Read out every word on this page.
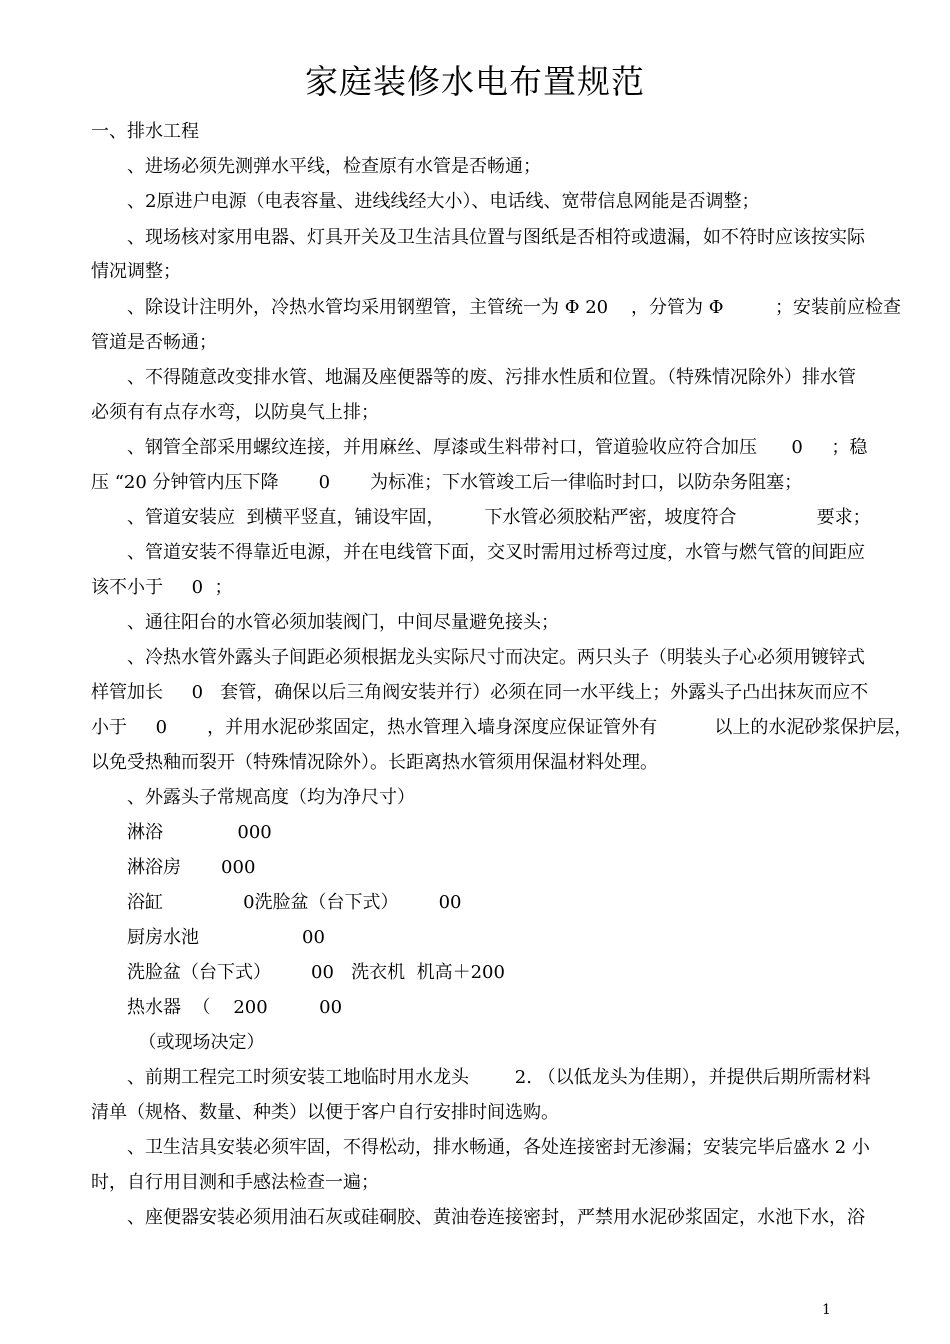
家庭装修水电布置规范
一、排水工程
、进场必须先测弹水平线，检查原有水管是否畅通；
、2原进户电源（电表容量、进线线经大小）、电话线、宽带信息网能是否调整；
、现场核对家用电器、灯具开关及卫生洁具位置与图纸是否相符或遗漏，如不符时应该按实际
情况调整；
、除设计注明外，冷热水管均采用钢塑管，主管统一为 Φ 20    ，分管为 Φ         ；安装前应检查
管道是否畅通；
、不得随意改变排水管、地漏及座便器等的废、污排水性质和位置。（特殊情况除外）排水管
必须有有点存水弯，以防臭气上排；
、钢管全部采用螺纹连接，并用麻丝、厚漆或生料带衬口，管道验收应符合加压      0     ；稳
压 “20 分钟管内压下降       0       为标准；下水管竣工后一律临时封口，以防杂务阻塞；
、管道安装应  到横平竖直，铺设牢固，       下水管必须胶粘严密，坡度符合              要求；
、管道安装不得靠近电源，并在电线管下面，交叉时需用过桥弯过度，水管与燃气管的间距应
该不小于     0  ；
、通往阳台的水管必须加装阀门，中间尽量避免接头；
、冷热水管外露头子间距必须根据龙头实际尺寸而决定。两只头子（明装头子心必须用镀锌式
样管加长     0   套管，确保以后三角阀安装并行）必须在同一水平线上；外露头子凸出抹灰而应不
小于     0       ，并用水泥砂浆固定，热水管理入墙身深度应保证管外有          以上的水泥砂浆保护层，
以免受热釉而裂开（特殊情况除外）。长距离热水管须用保温材料处理。
、外露头子常规高度（均为净尺寸）
淋浴             000
淋浴房       000
浴缸              0洗脸盆（台下式）       00
厨房水池                  00
洗脸盆（台下式）       00   洗衣机  机高＋200
热水器  （    200         00
（或现场决定）
、前期工程完工时须安装工地临时用水龙头        2. （以低龙头为佳期），并提供后期所需材料
清单（规格、数量、种类）以便于客户自行安排时间选购。
、卫生洁具安装必须牢固，不得松动，排水畅通，各处连接密封无渗漏；安装完毕后盛水 2 小
时，自行用目测和手感法检查一遍；
、座便器安装必须用油石灰或硅硐胶、黄油卷连接密封，严禁用水泥砂浆固定，水池下水，浴
1
